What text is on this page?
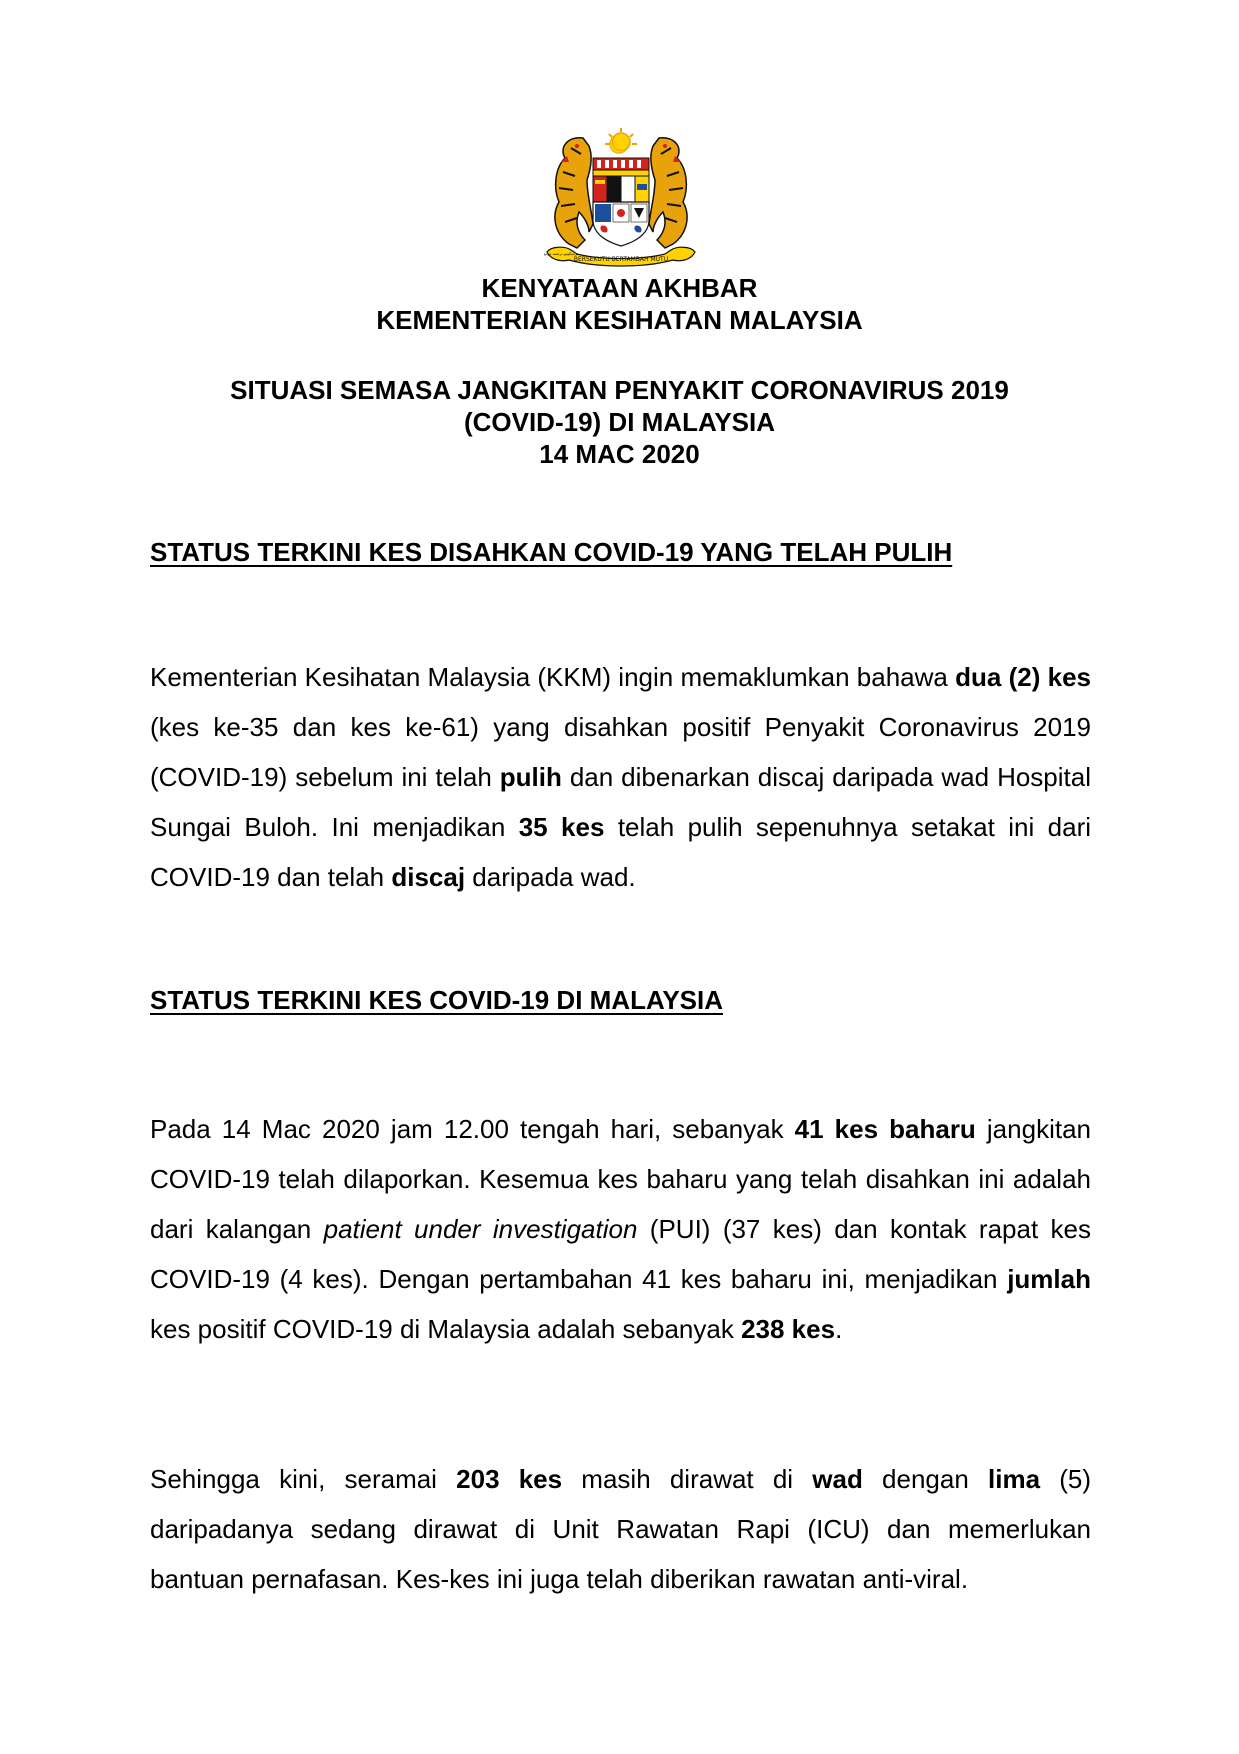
BERSEKUTU BERTAMBAH MUTU
برسکوتو برتمبه موتو
KENYATAAN AKHBAR
KEMENTERIAN KESIHATAN MALAYSIA
SITUASI SEMASA JANGKITAN PENYAKIT CORONAVIRUS 2019
(COVID-19) DI MALAYSIA
14 MAC 2020
STATUS TERKINI KES DISAHKAN COVID-19 YANG TELAH PULIH

Kementerian Kesihatan Malaysia (KKM) ingin memaklumkan bahawa dua (2) kes (kes ke-35 dan kes ke-61) yang disahkan positif Penyakit Coronavirus 2019 (COVID-19) sebelum ini telah pulih dan dibenarkan discaj daripada wad Hospital Sungai Buloh. Ini menjadikan 35 kes telah pulih sepenuhnya setakat ini dari COVID-19 dan telah discaj daripada wad.

STATUS TERKINI KES COVID-19 DI MALAYSIA

Pada 14 Mac 2020 jam 12.00 tengah hari, sebanyak 41 kes baharu jangkitan COVID-19 telah dilaporkan. Kesemua kes baharu yang telah disahkan ini adalah dari kalangan patient under investigation (PUI) (37 kes) dan kontak rapat kes COVID-19 (4 kes). Dengan pertambahan 41 kes baharu ini, menjadikan jumlah kes positif COVID-19 di Malaysia adalah sebanyak 238 kes.

Sehingga kini, seramai 203 kes masih dirawat di wad dengan lima (5) daripadanya sedang dirawat di Unit Rawatan Rapi (ICU) dan memerlukan bantuan pernafasan. Kes-kes ini juga telah diberikan rawatan anti-viral.
